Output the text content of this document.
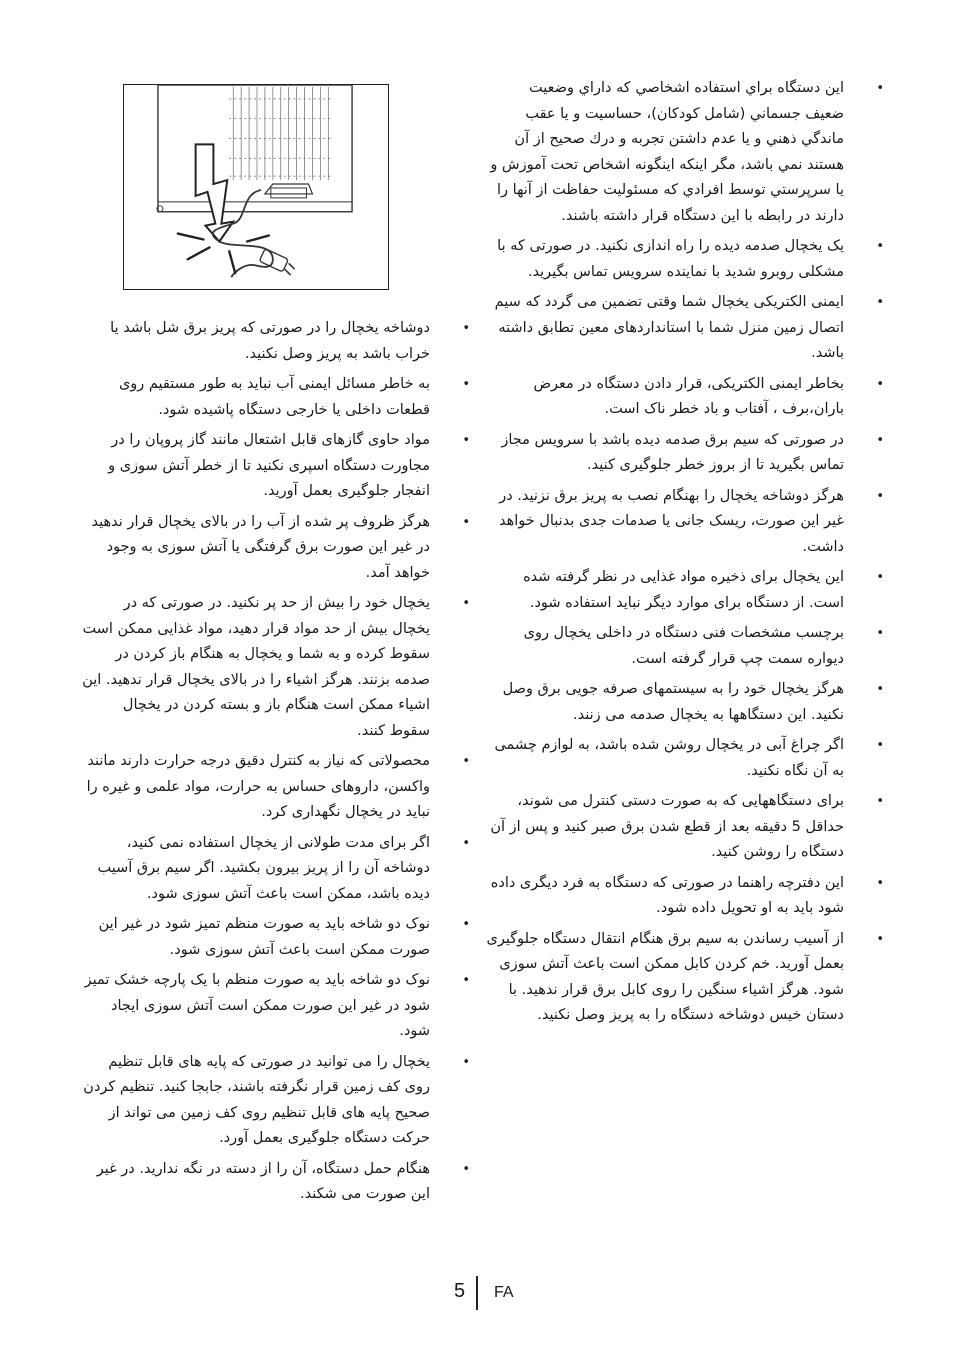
• این دستگاه براي استفاده اشخاصي كه داراي وضعيت ضعيف جسماني (شامل كودكان)، حساسيت و يا عقب ماندگي ذهني و يا عدم داشتن تجربه و درك صحيح از آن هستند نمي باشد، مگر اينكه اينگونه اشخاص تحت آموزش و يا سرپرستي توسط افرادي كه مسئوليت حفاظت از آنها را دارند در رابطه با اين دستگاه قرار داشته باشند.
• یک یخچال صدمه دیده را راه اندازی نکنید. در صورتی که با مشکلی روبرو شدید با نماینده سرویس تماس بگیرید.
• ایمنی الکتریکی یخچال شما وقتی تضمین می گردد که سیم اتصال زمین منزل شما با استانداردهای معین تطابق داشته باشد.
• بخاطر ایمنی الکتریکی، قرار دادن دستگاه در معرض باران،برف ، آفتاب و باد خطر ناک است.
• در صورتی که سیم برق صدمه دیده باشد با سرویس مجاز تماس بگیرید تا از بروز خطر جلوگیری کنید.
• هرگز دوشاخه یخچال را بهنگام نصب به پریز برق نزنید. در غیر این صورت، ریسک جانی یا صدمات جدی بدنبال خواهد داشت.
• این یخچال برای ذخیره مواد غذایی در نظر گرفته شده است. از دستگاه برای موارد دیگر نباید استفاده شود.
• برچسب مشخصات فنی دستگاه در داخلی یخچال روی دیواره سمت چپ قرار گرفته است.
• هرگز یخچال خود را به سیستمهای صرفه جویی برق وصل نکنید. این دستگاهها به یخچال صدمه می زنند.
• اگر چراغ آبی در یخچال روشن شده باشد، به لوازم چشمی به آن نگاه نکنید.
• برای دستگاههایی که به صورت دستی کنترل می شوند، حداقل 5 دقیقه بعد از قطع شدن برق صبر کنید و پس از آن دستگاه را روشن کنید.
• این دفترچه راهنما در صورتی که دستگاه به فرد دیگری داده شود باید به او تحویل داده شود.
• از آسیب رساندن به سیم برق هنگام انتقال دستگاه جلوگیری بعمل آورید. خم کردن کابل ممکن است باعث آتش سوزی شود. هرگز اشیاء سنگین را روی کابل برق قرار ندهید. با دستان خیس دوشاخه دستگاه را به پریز وصل نکنید.
• دوشاخه یخچال را در صورتی که پریز برق شل باشد یا خراب باشد به پریز وصل نکنید.
• به خاطر مسائل ایمنی آب نباید به طور مستقیم روی قطعات داخلی یا خارجی دستگاه پاشیده شود.
• مواد حاوی گازهای قابل اشتعال مانند گاز پروپان را در مجاورت دستگاه اسپری نکنید تا از خطر آتش سوزی و انفجار جلوگیری بعمل آورید.
• هرگز ظروف پر شده از آب را در بالای یخچال قرار ندهید در غیر این صورت برق گرفتگی یا آتش سوزی به وجود خواهد آمد.
• یخچال خود را بیش از حد پر نکنید. در صورتی که در یخچال بیش از حد مواد قرار دهید، مواد غذایی ممکن است سقوط کرده و به شما و یخچال به هنگام باز کردن در صدمه بزنند. هرگز اشیاء را در بالای یخچال قرار ندهید. این اشیاء ممکن است هنگام باز و بسته کردن در یخچال سقوط کنند.
• محصولاتی که نیاز به کنترل دقیق درجه حرارت دارند مانند واکسن، داروهای حساس به حرارت، مواد علمی و غیره را نباید در یخچال نگهداری کرد.
• اگر برای مدت طولانی از یخچال استفاده نمی کنید، دوشاخه آن را از پریز بیرون بکشید. اگر سیم برق آسیب دیده باشد، ممکن است باعث آتش سوزی شود.
• نوک دو شاخه باید به صورت منظم تمیز شود در غیر این صورت ممکن است باعث آتش سوزی شود.
• نوک دو شاخه باید به صورت منظم با یک پارچه خشک تمیز شود در غیر این صورت ممکن است آتش سوزی ایجاد شود.
• یخچال را می توانید در صورتی که پایه های قابل تنظیم روی کف زمین قرار نگرفته باشند، جابجا کنید. تنظیم کردن صحیح پایه های قابل تنظیم روی کف زمین می تواند از حرکت دستگاه جلوگیری بعمل آورد.
• هنگام حمل دستگاه، آن را از دسته در نگه ندارید. در غیر این صورت می شکند.
5 FA
